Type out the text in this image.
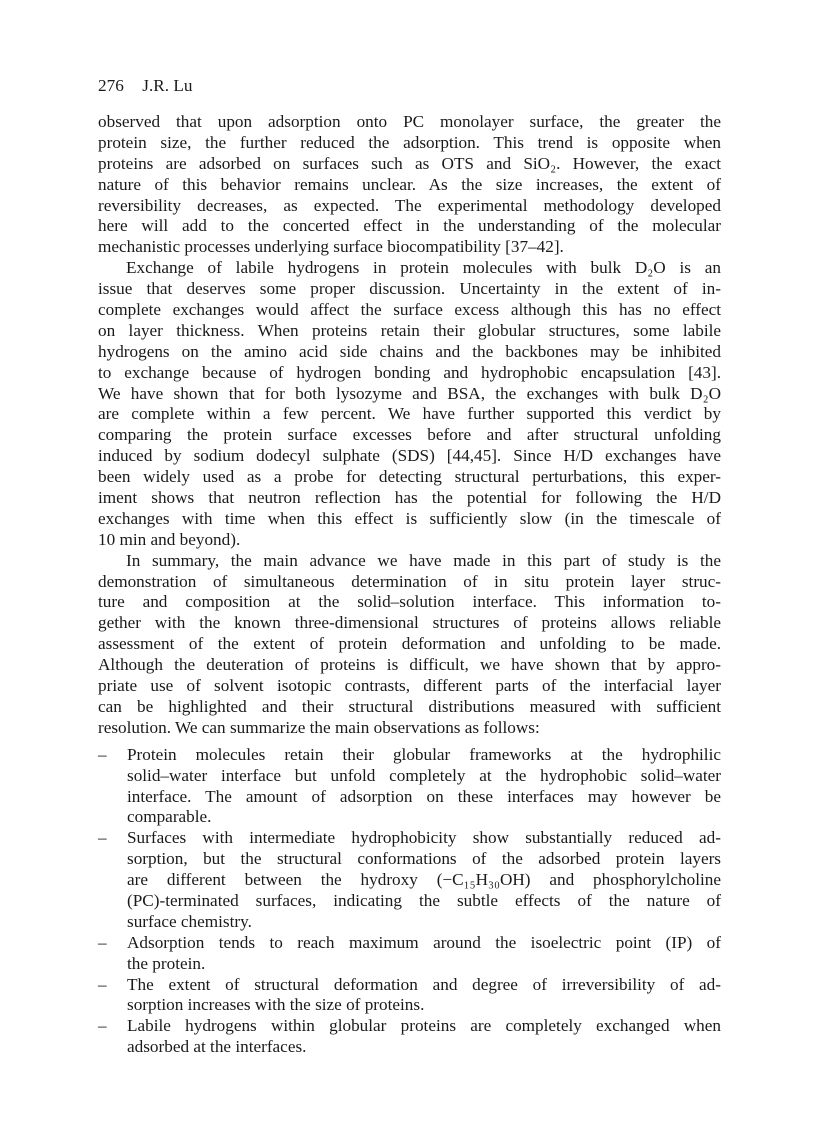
276 J.R. Lu
observed that upon adsorption onto PC monolayer surface, the greater the
protein size, the further reduced the adsorption. This trend is opposite when
proteins are adsorbed on surfaces such as OTS and SiO₂. However, the exact
nature of this behavior remains unclear. As the size increases, the extent of
reversibility decreases, as expected. The experimental methodology developed
here will add to the concerted effect in the understanding of the molecular
mechanistic processes underlying surface biocompatibility [37–42].
Exchange of labile hydrogens in protein molecules with bulk D₂O is an
issue that deserves some proper discussion. Uncertainty in the extent of in-
complete exchanges would affect the surface excess although this has no effect
on layer thickness. When proteins retain their globular structures, some labile
hydrogens on the amino acid side chains and the backbones may be inhibited
to exchange because of hydrogen bonding and hydrophobic encapsulation [43].
We have shown that for both lysozyme and BSA, the exchanges with bulk D₂O
are complete within a few percent. We have further supported this verdict by
comparing the protein surface excesses before and after structural unfolding
induced by sodium dodecyl sulphate (SDS) [44,45]. Since H/D exchanges have
been widely used as a probe for detecting structural perturbations, this exper-
iment shows that neutron reflection has the potential for following the H/D
exchanges with time when this effect is sufficiently slow (in the timescale of
10 min and beyond).
In summary, the main advance we have made in this part of study is the
demonstration of simultaneous determination of in situ protein layer struc-
ture and composition at the solid–solution interface. This information to-
gether with the known three-dimensional structures of proteins allows reliable
assessment of the extent of protein deformation and unfolding to be made.
Although the deuteration of proteins is difficult, we have shown that by appro-
priate use of solvent isotopic contrasts, different parts of the interfacial layer
can be highlighted and their structural distributions measured with sufficient
resolution. We can summarize the main observations as follows:
– Protein molecules retain their globular frameworks at the hydrophilic
solid–water interface but unfold completely at the hydrophobic solid–water
interface. The amount of adsorption on these interfaces may however be
comparable.
– Surfaces with intermediate hydrophobicity show substantially reduced ad-
sorption, but the structural conformations of the adsorbed protein layers
are different between the hydroxy (−C₁₅H₃₀OH) and phosphorylcholine
(PC)-terminated surfaces, indicating the subtle effects of the nature of
surface chemistry.
– Adsorption tends to reach maximum around the isoelectric point (IP) of
the protein.
– The extent of structural deformation and degree of irreversibility of ad-
sorption increases with the size of proteins.
– Labile hydrogens within globular proteins are completely exchanged when
adsorbed at the interfaces.
